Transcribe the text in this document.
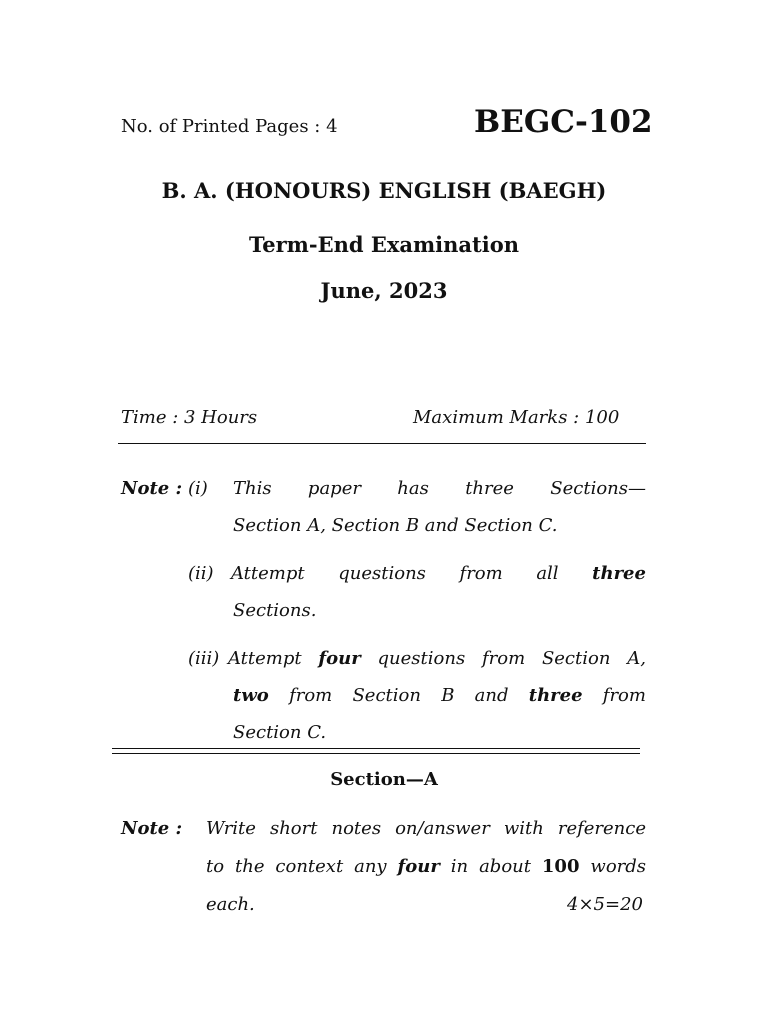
No. of Printed Pages : 4	BEGC-102
B. A. (HONOURS) ENGLISH (BAEGH)
Term-End Examination
June, 2023
Time : 3 Hours	Maximum Marks : 100
Note : (i) This paper has three Sections—
Section A, Section B and Section C.
(ii) Attempt questions from all three
Sections.
(iii) Attempt four questions from Section A,
two from Section B and three from
Section C.
Section—A
Note : Write short notes on/answer with reference
to the context any four in about 100 words
each.	4×5=20
